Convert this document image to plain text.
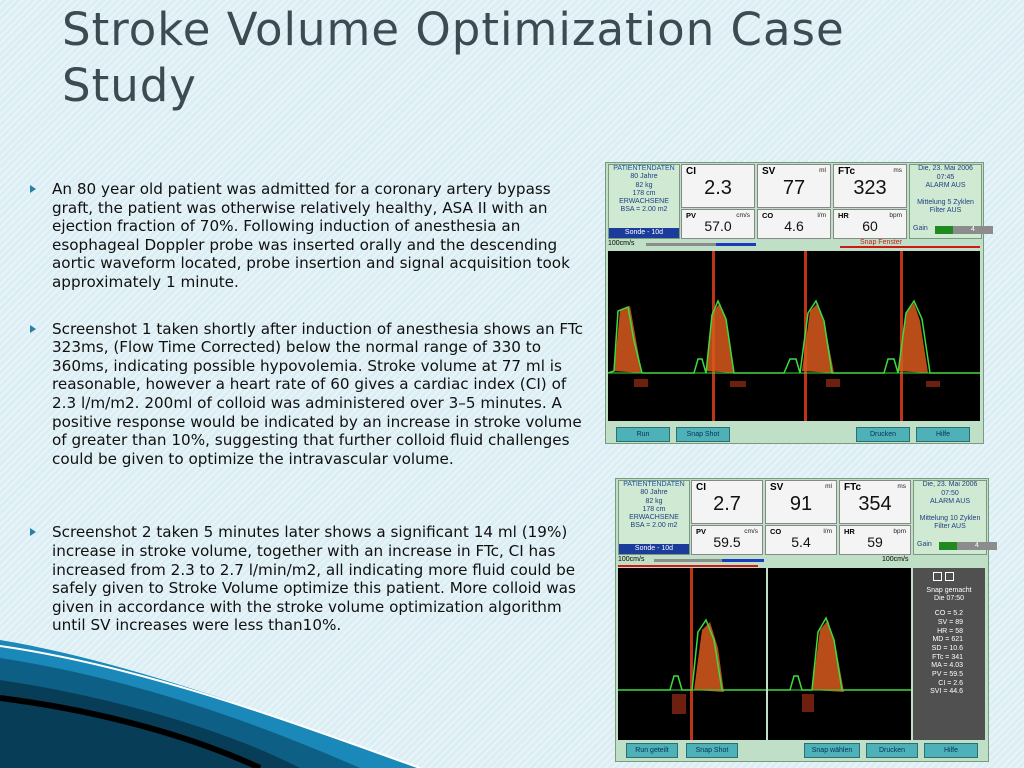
Stroke Volume Optimization Case
Study

An 80 year old patient was admitted for a coronary artery bypass graft, the patient was otherwise relatively healthy, ASA II with an ejection fraction of 70%. Following induction of anesthesia an esophageal Doppler probe was inserted orally and the descending aortic waveform located, probe insertion and signal acquisition took approximately 1 minute.

Screenshot 1 taken shortly after induction of anesthesia shows an FTc 323ms, (Flow Time Corrected) below the normal range of 330 to 360ms, indicating possible hypovolemia. Stroke volume at 77 ml is reasonable, however a heart rate of 60 gives a cardiac index (CI) of 2.3 l/m/m2. 200ml of colloid was administered over 3–5 minutes. A positive response would be indicated by an increase in stroke volume of greater than 10%, suggesting that further colloid fluid challenges could be given to optimize the intravascular volume.

Screenshot 2 taken 5 minutes later shows a significant 14 ml (19%) increase in stroke volume, together with an increase in FTc, CI has increased from 2.3 to 2.7 l/min/m2, all indicating more fluid could be safely given to Stroke Volume optimize this patient. More colloid was given in accordance with the stroke volume optimization algorithm until SV increases were less than10%.

PATIENTENDATEN
80 Jahre
82 kg
178 cm
ERWACHSENE
BSA = 2.00 m2
Sonde - 10d
CI
2.3
SV	ml
77
FTc	ms
323
PV	cm/s
57.0
CO	l/m
4.6
HR	bpm
60
Die, 23. Mai 2006
07:45
ALARM AUS
Mittelung 5 Zyklen
Filter AUS
Gain	4
100cm/s	Snap Fenster
Run	Snap Shot	Drucken	Hilfe
PATIENTENDATEN
80 Jahre
82 kg
178 cm
ERWACHSENE
BSA = 2.00 m2
Sonde - 10d
CI
2.7
SV	ml
91
FTc	ms
354
PV	cm/s
59.5
CO	l/m
5.4
HR	bpm
59
Die, 23. Mai 2006
07:50
ALARM AUS
Mittelung 10 Zyklen
Filter AUS
Gain	4
100cm/s	100cm/s
Snap gemacht
Die 07:50
CO = 5.2
SV = 89
HR = 58
MD = 621
SD = 10.6
FTc = 341
MA = 4.03
PV = 59.5
CI = 2.6
SVI = 44.6
Run geteilt	Snap Shot	Snap wählen	Drucken	Hilfe
